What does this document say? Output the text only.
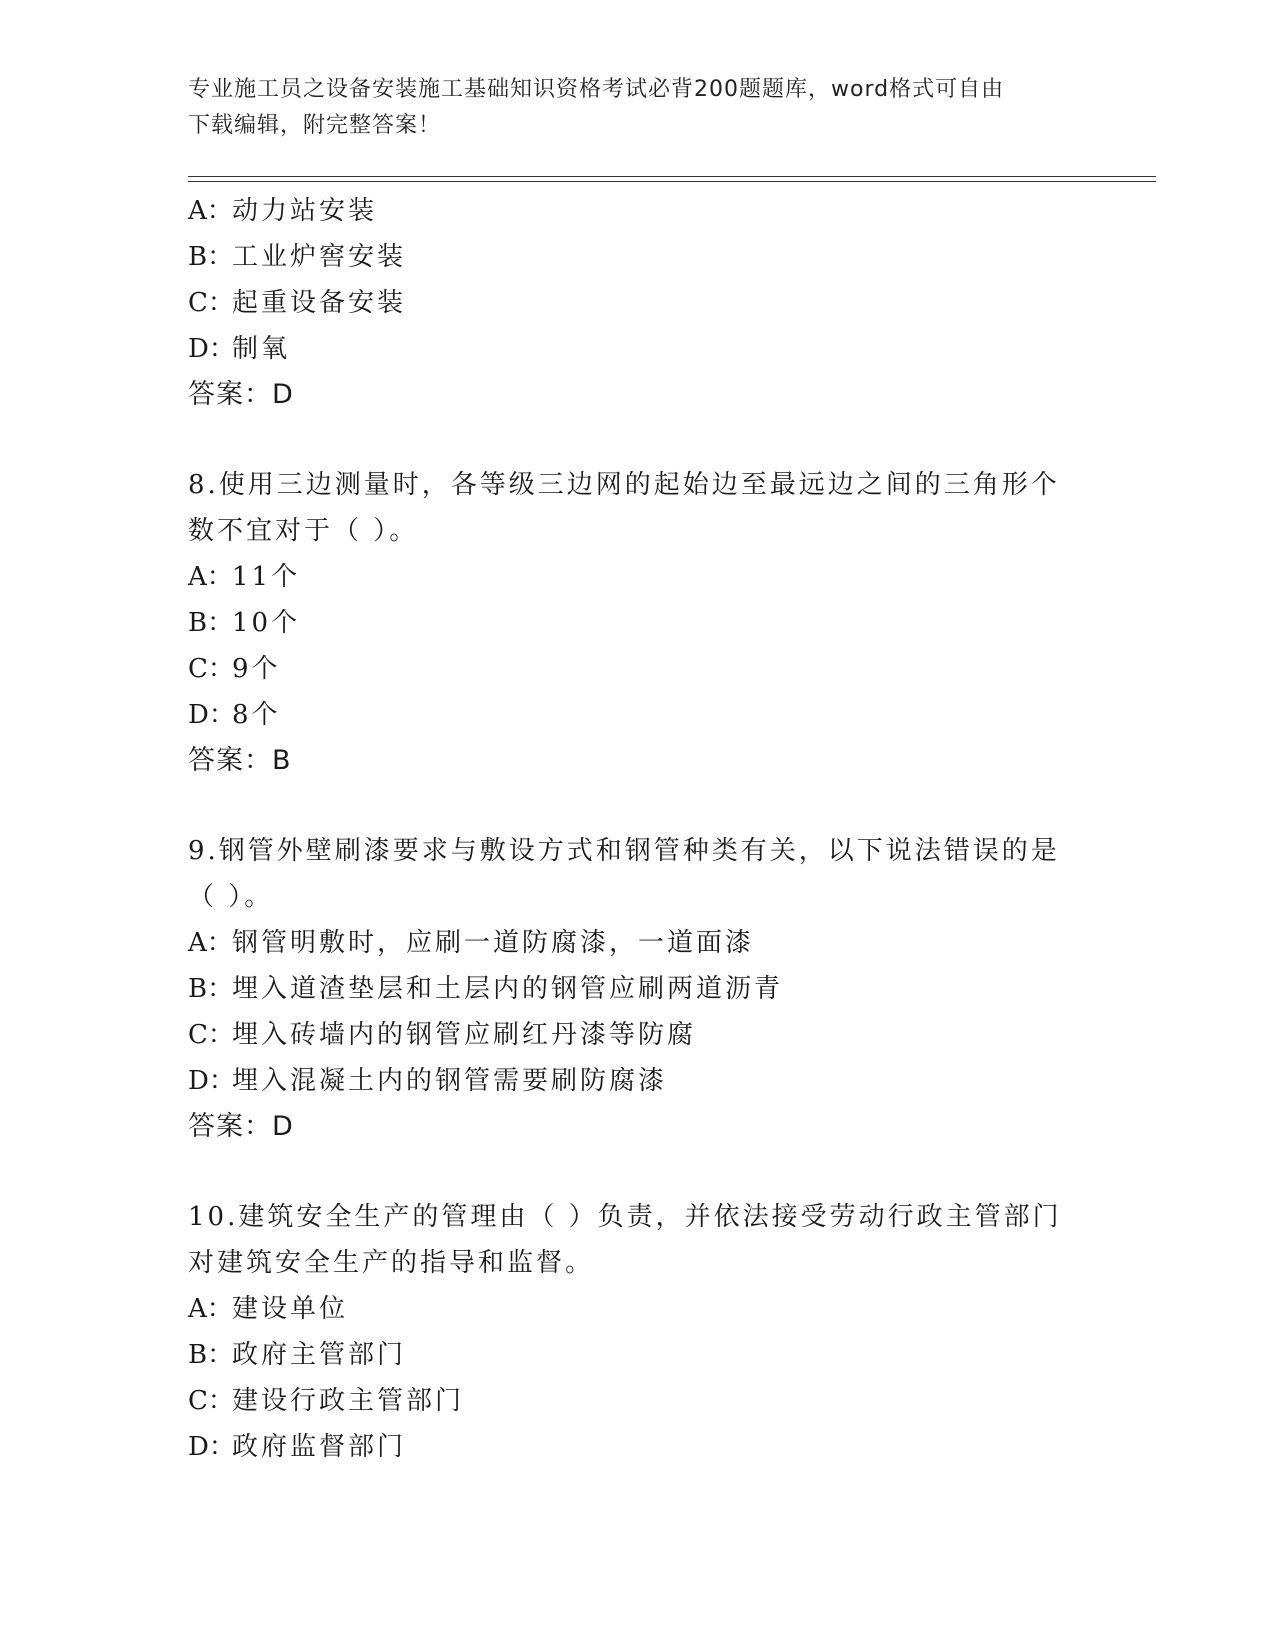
专业施工员之设备安装施工基础知识资格考试必背200题题库，word格式可自由
下载编辑，附完整答案！
A：动力站安装
B：工业炉窖安装
C：起重设备安装
D：制氧
答案：D
8.使用三边测量时，各等级三边网的起始边至最远边之间的三角形个
数不宜对于（ ）。
A：11个
B：10个
C：9个
D：8个
答案：B
9.钢管外壁刷漆要求与敷设方式和钢管种类有关，以下说法错误的是
（ ）。
A：钢管明敷时，应刷一道防腐漆，一道面漆
B：埋入道渣垫层和土层内的钢管应刷两道沥青
C：埋入砖墙内的钢管应刷红丹漆等防腐
D：埋入混凝土内的钢管需要刷防腐漆
答案：D
10.建筑安全生产的管理由（ ）负责，并依法接受劳动行政主管部门
对建筑安全生产的指导和监督。
A：建设单位
B：政府主管部门
C：建设行政主管部门
D：政府监督部门
